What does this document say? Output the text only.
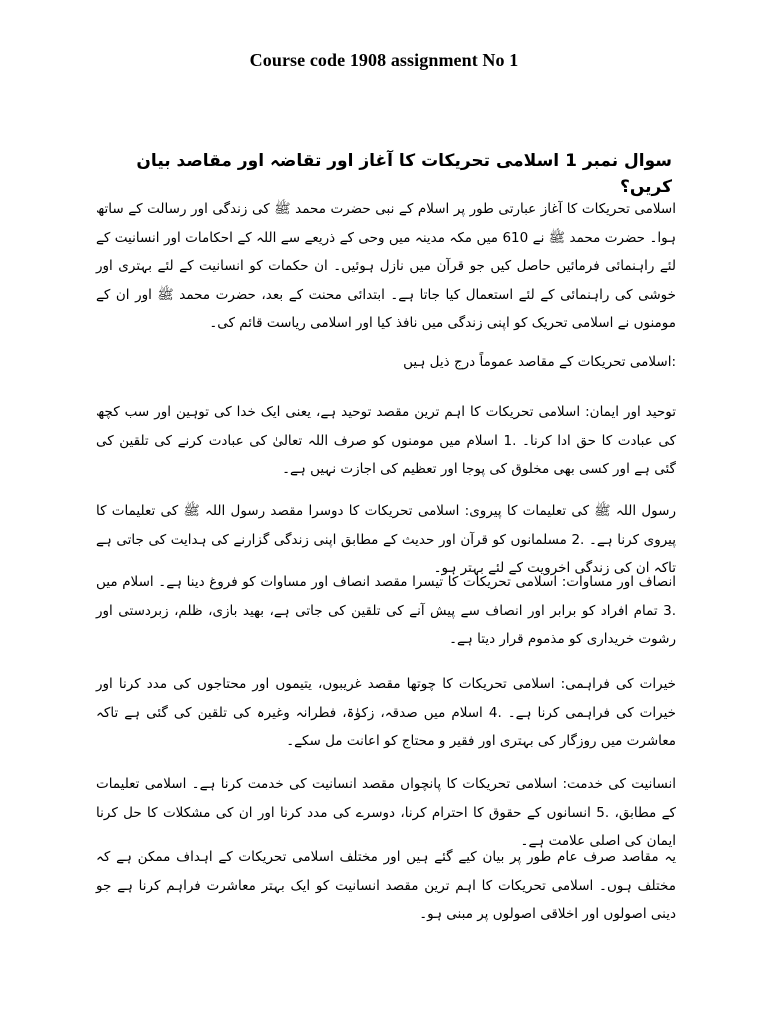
Course code 1908 assignment No 1
سوال نمبر 1 اسلامی تحریکات کا آغاز اور تقاضہ اور مقاصد بیان کریں؟
اسلامی تحریکات کا آغاز عبارتی طور پر اسلام کے نبی حضرت محمد ﷺ کی زندگی اور رسالت کے ساتھ ہوا۔ حضرت محمد ﷺ نے 610 میں مکہ مدینہ میں وحی کے ذریعے سے اللہ کے احکامات اور انسانیت کے لئے راہنمائی فرمائیں حاصل کیں جو قرآن میں نازل ہوئیں۔ ان حکمات کو انسانیت کے لئے بہتری اور خوشی کی راہنمائی کے لئے استعمال کیا جاتا ہے۔ ابتدائی محنت کے بعد، حضرت محمد ﷺ اور ان کے مومنوں نے اسلامی تحریک کو اپنی زندگی میں نافذ کیا اور اسلامی ریاست قائم کی۔
:اسلامی تحریکات کے مقاصد عموماً درج ذیل ہیں
توحید اور ایمان: اسلامی تحریکات کا اہم ترین مقصد توحید ہے، یعنی ایک خدا کی توہین اور سب کچھ کی عبادت کا حق ادا کرنا۔ .1 اسلام میں مومنوں کو صرف اللہ تعالیٰ کی عبادت کرنے کی تلقین کی گئی ہے اور کسی بھی مخلوق کی پوجا اور تعظیم کی اجازت نہیں ہے۔
رسول اللہ ﷺ کی تعلیمات کا پیروی: اسلامی تحریکات کا دوسرا مقصد رسول اللہ ﷺ کی تعلیمات کا پیروی کرنا ہے۔ .2 مسلمانوں کو قرآن اور حدیث کے مطابق اپنی زندگی گزارنے کی ہدایت کی جاتی ہے تاکہ ان کی زندگی اخرویت کے لئے بہتر ہو۔
انصاف اور مساوات: اسلامی تحریکات کا تیسرا مقصد انصاف اور مساوات کو فروغ دینا ہے۔ اسلام میں .3 تمام افراد کو برابر اور انصاف سے پیش آنے کی تلقین کی جاتی ہے، بھید بازی، ظلم، زبردستی اور رشوت خریداری کو مذموم قرار دیتا ہے۔
خیرات کی فراہمی: اسلامی تحریکات کا چوتھا مقصد غریبوں، یتیموں اور محتاجوں کی مدد کرنا اور خیرات کی فراہمی کرنا ہے۔ .4 اسلام میں صدقہ، زکوٰۃ، فطرانہ وغیرہ کی تلقین کی گئی ہے تاکہ معاشرت میں روزگار کی بہتری اور فقیر و محتاج کو اعانت مل سکے۔
انسانیت کی خدمت: اسلامی تحریکات کا پانچواں مقصد انسانیت کی خدمت کرنا ہے۔ اسلامی تعلیمات کے مطابق، .5 انسانوں کے حقوق کا احترام کرنا، دوسرے کی مدد کرنا اور ان کی مشکلات کا حل کرنا ایمان کی اصلی علامت ہے۔
یہ مقاصد صرف عام طور پر بیان کیے گئے ہیں اور مختلف اسلامی تحریکات کے اہداف ممکن ہے کہ مختلف ہوں۔ اسلامی تحریکات کا اہم ترین مقصد انسانیت کو ایک بہتر معاشرت فراہم کرنا ہے جو دینی اصولوں اور اخلاقی اصولوں پر مبنی ہو۔
